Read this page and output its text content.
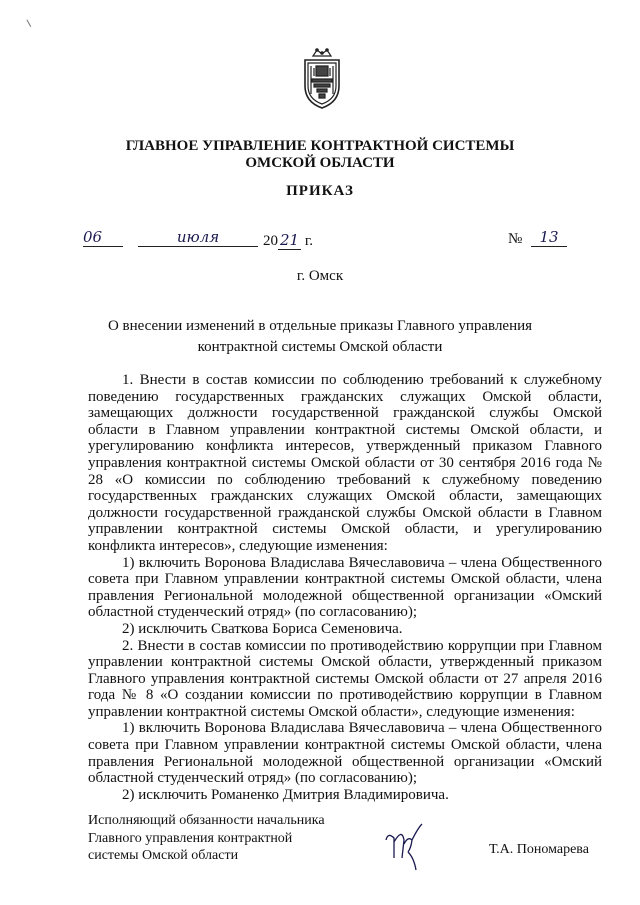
ГЛАВНОЕ УПРАВЛЕНИЕ КОНТРАКТНОЙ СИСТЕМЫ
ОМСКОЙ ОБЛАСТИ
ПРИКАЗ
06	июля	20 21 г.	№	13
г. Омск
О внесении изменений в отдельные приказы Главного управления контрактной системы Омской области

1. Внести в состав комиссии по соблюдению требований к служебному поведению государственных гражданских служащих Омской области, замещающих должности государственной гражданской службы Омской области в Главном управлении контрактной системы Омской области, и урегулированию конфликта интересов, утвержденный приказом Главного управления контрактной системы Омской области от 30 сентября 2016 года № 28 «О комиссии по соблюдению требований к служебному поведению государственных гражданских служащих Омской области, замещающих должности государственной гражданской службы Омской области в Главном управлении контрактной системы Омской области, и урегулированию конфликта интересов», следующие изменения:

1) включить Воронова Владислава Вячеславовича – члена Общественного совета при Главном управлении контрактной системы Омской области, члена правления Региональной молодежной общественной организации «Омский областной студенческий отряд» (по согласованию);

2) исключить Сваткова Бориса Семеновича.

2. Внести в состав комиссии по противодействию коррупции при Главном управлении контрактной системы Омской области, утвержденный приказом Главного управления контрактной системы Омской области от 27 апреля 2016 года № 8 «О создании комиссии по противодействию коррупции в Главном управлении контрактной системы Омской области», следующие изменения:

1) включить Воронова Владислава Вячеславовича – члена Общественного совета при Главном управлении контрактной системы Омской области, члена правления Региональной молодежной общественной организации «Омский областной студенческий отряд» (по согласованию);

2) исключить Романенко Дмитрия Владимировича.

Исполняющий обязанности начальника
Главного управления контрактной
системы Омской области	Т.А. Пономарева
